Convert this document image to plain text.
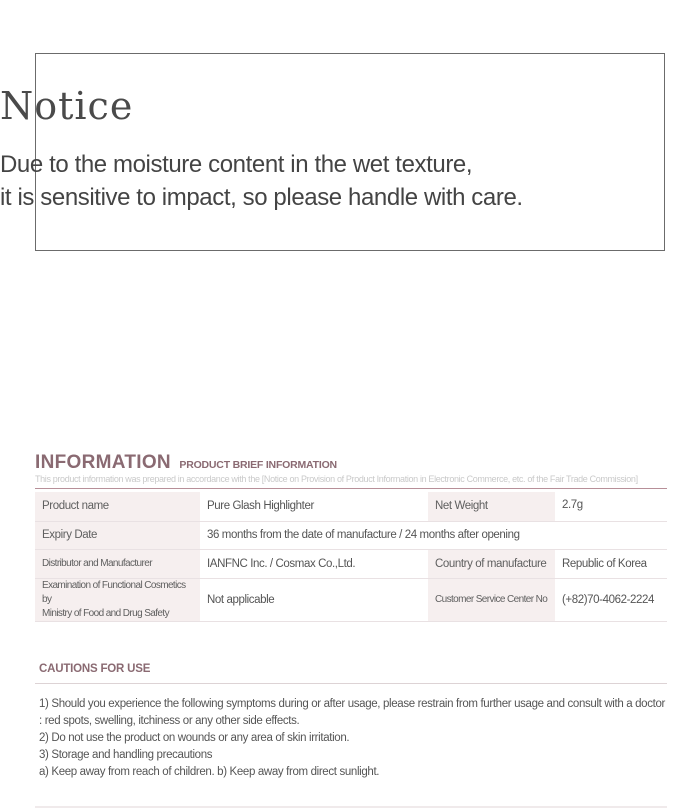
Notice
Due to the moisture content in the wet texture,
it is sensitive to impact, so please handle with care.
INFORMATION PRODUCT BRIEF INFORMATION
This product information was prepared in accordance with the [Notice on Provision of Product Information in Electronic Commerce, etc. of the Fair Trade Commission]
Product name	Pure Glash Highlighter	Net Weight	2.7g
Expiry Date	36 months from the date of manufacture / 24 months after opening		
Distributor and Manufacturer	IANFNC Inc. / Cosmax Co.,Ltd.	Country of manufacture	Republic of Korea

Examination of Functional Cosmetics by
Ministry of Food and Drug Safety	Not applicable	Customer Service Center No	(+82)70-4062-2224
CAUTIONS FOR USE
1) Should you experience the following symptoms during or after usage, please restrain from further usage and consult with a doctor
: red spots, swelling, itchiness or any other side effects.
2) Do not use the product on wounds or any area of skin irritation.
3) Storage and handling precautions
a) Keep away from reach of children. b) Keep away from direct sunlight.
